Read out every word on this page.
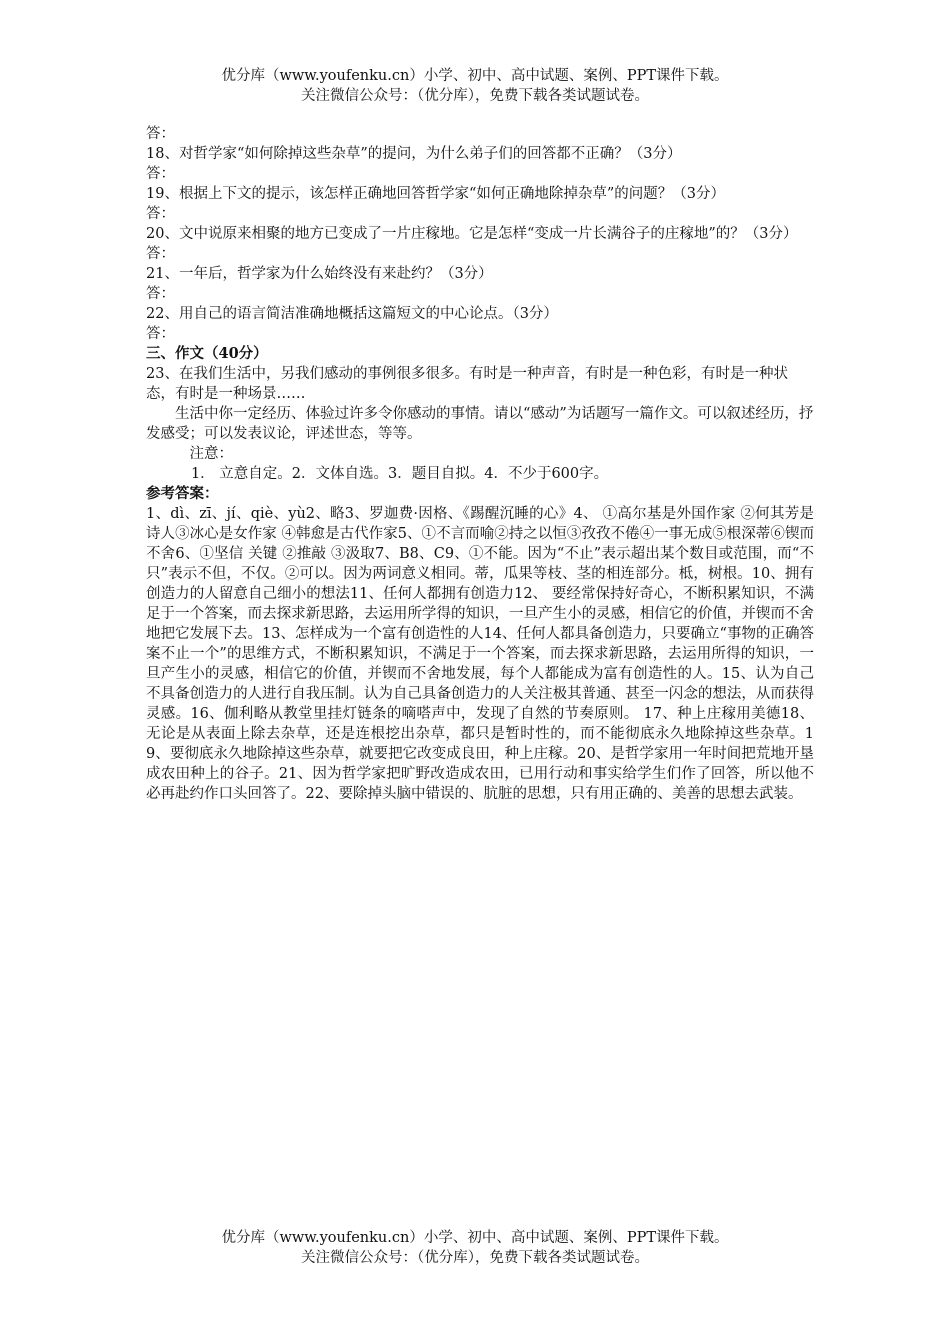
优分库（www.youfenku.cn）小学、初中、高中试题、案例、PPT课件下载。
关注微信公众号：（优分库），免费下载各类试题试卷。

答：

18、对哲学家“如何除掉这些杂草”的提问，为什么弟子们的回答都不正确？（3分）

答：

19、根据上下文的提示，该怎样正确地回答哲学家“如何正确地除掉杂草”的问题？（3分）

答：

20、文中说原来相聚的地方已变成了一片庄稼地。它是怎样“变成一片长满谷子的庄稼地”的？（3分）

答：

21、一年后，哲学家为什么始终没有来赴约？（3分）

答：

22、用自己的语言简洁准确地概括这篇短文的中心论点。（3分）

答：

三、作文（40分）

23、在我们生活中，另我们感动的事例很多很多。有时是一种声音，有时是一种色彩，有时是一种状态，有时是一种场景……

生活中你一定经历、体验过许多令你感动的事情。请以“感动”为话题写一篇作文。可以叙述经历，抒发感受；可以发表议论，评述世态，等等。

注意：

1． 立意自定。2．文体自选。3．题目自拟。4．不少于600字。

参考答案：

1、dì、zī、jí、qiè、yù2、略3、罗迦费·因格、《踢醒沉睡的心》4、 ①高尔基是外国作家 ②何其芳是诗人③冰心是女作家 ④韩愈是古代作家5、①不言而喻②持之以恒③孜孜不倦④一事无成⑤根深蒂⑥锲而不舍6、①坚信 关键 ②推敲 ③汲取7、B8、C9、①不能。因为“不止”表示超出某个数目或范围，而“不只”表示不但，不仅。②可以。因为两词意义相同。蒂，瓜果等枝、茎的相连部分。柢，树根。10、拥有创造力的人留意自己细小的想法11、任何人都拥有创造力12、 要经常保持好奇心，不断积累知识，不满足于一个答案，而去探求新思路，去运用所学得的知识，一旦产生小的灵感，相信它的价值，并锲而不舍地把它发展下去。13、怎样成为一个富有创造性的人14、任何人都具备创造力，只要确立“事物的正确答案不止一个”的思维方式，不断积累知识，不满足于一个答案，而去探求新思路，去运用所得的知识，一旦产生小的灵感，相信它的价值，并锲而不舍地发展，每个人都能成为富有创造性的人。15、认为自己不具备创造力的人进行自我压制。认为自己具备创造力的人关注极其普通、甚至一闪念的想法，从而获得灵感。16、伽利略从教堂里挂灯链条的嘀嗒声中，发现了自然的节奏原则。 17、种上庄稼用美德18、无论是从表面上除去杂草，还是连根挖出杂草，都只是暂时性的，而不能彻底永久地除掉这些杂草。19、要彻底永久地除掉这些杂草，就要把它改变成良田，种上庄稼。20、是哲学家用一年时间把荒地开垦成农田种上的谷子。21、因为哲学家把旷野改造成农田，已用行动和事实给学生们作了回答，所以他不必再赴约作口头回答了。22、要除掉头脑中错误的、肮脏的思想，只有用正确的、美善的思想去武装。

优分库（www.youfenku.cn）小学、初中、高中试题、案例、PPT课件下载。
关注微信公众号：（优分库），免费下载各类试题试卷。
